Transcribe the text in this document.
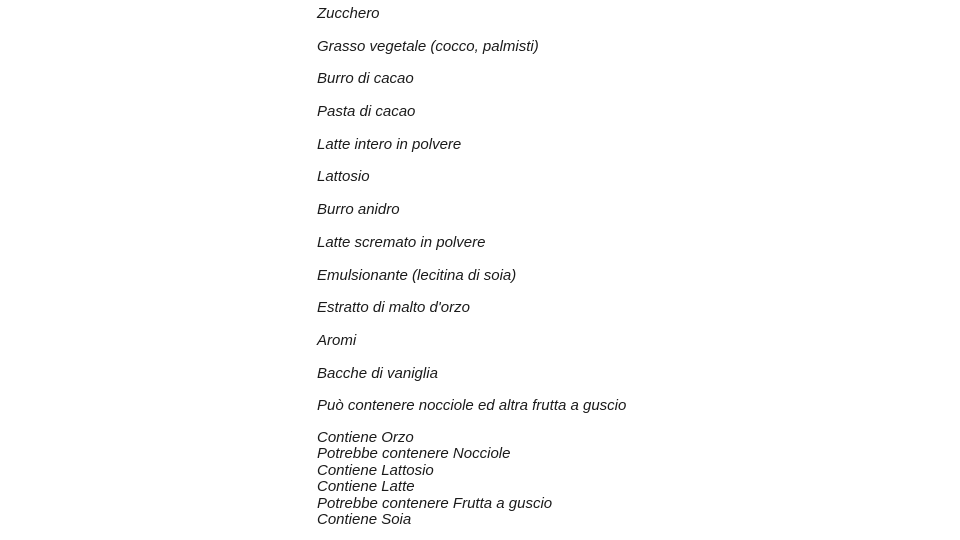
Zucchero
Grasso vegetale (cocco, palmisti)
Burro di cacao
Pasta di cacao
Latte intero in polvere
Lattosio
Burro anidro
Latte scremato in polvere
Emulsionante (lecitina di soia)
Estratto di malto d'orzo
Aromi
Bacche di vaniglia
Può contenere nocciole ed altra frutta a guscio
Contiene Orzo
Potrebbe contenere Nocciole
Contiene Lattosio
Contiene Latte
Potrebbe contenere Frutta a guscio
Contiene Soia
